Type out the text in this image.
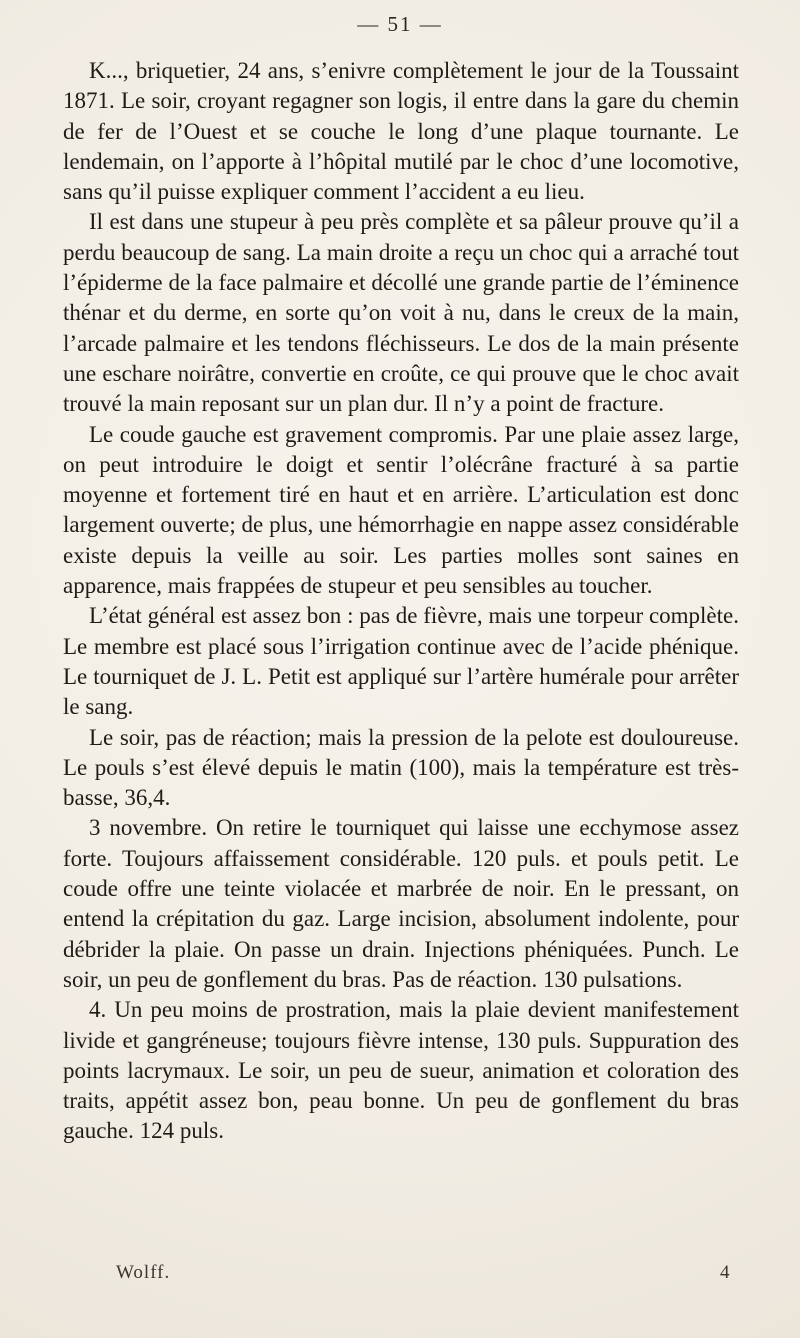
— 51 —

K..., briquetier, 24 ans, s’enivre complètement le jour de la Toussaint 1871. Le soir, croyant regagner son logis, il entre dans la gare du chemin de fer de l’Ouest et se couche le long d’une plaque tournante. Le lendemain, on l’apporte à l’hôpital mutilé par le choc d’une locomotive, sans qu’il puisse expliquer comment l’accident a eu lieu.

Il est dans une stupeur à peu près complète et sa pâleur prouve qu’il a perdu beaucoup de sang. La main droite a reçu un choc qui a arraché tout l’épiderme de la face palmaire et décollé une grande partie de l’éminence thénar et du derme, en sorte qu’on voit à nu, dans le creux de la main, l’arcade palmaire et les tendons fléchisseurs. Le dos de la main présente une eschare noirâtre, convertie en croûte, ce qui prouve que le choc avait trouvé la main reposant sur un plan dur. Il n’y a point de fracture.

Le coude gauche est gravement compromis. Par une plaie assez large, on peut introduire le doigt et sentir l’olécrâne fracturé à sa partie moyenne et fortement tiré en haut et en arrière. L’articulation est donc largement ouverte; de plus, une hémorrhagie en nappe assez considérable existe depuis la veille au soir. Les parties molles sont saines en apparence, mais frappées de stupeur et peu sensibles au toucher.

L’état général est assez bon : pas de fièvre, mais une torpeur complète. Le membre est placé sous l’irrigation continue avec de l’acide phénique. Le tourniquet de J. L. Petit est appliqué sur l’artère humérale pour arrêter le sang.

Le soir, pas de réaction; mais la pression de la pelote est douloureuse. Le pouls s’est élevé depuis le matin (100), mais la température est très-basse, 36,4.

3 novembre. On retire le tourniquet qui laisse une ecchymose assez forte. Toujours affaissement considérable. 120 puls. et pouls petit. Le coude offre une teinte violacée et marbrée de noir. En le pressant, on entend la crépitation du gaz. Large incision, absolument indolente, pour débrider la plaie. On passe un drain. Injections phéniquées. Punch. Le soir, un peu de gonflement du bras. Pas de réaction. 130 pulsations.

4. Un peu moins de prostration, mais la plaie devient manifestement livide et gangréneuse; toujours fièvre intense, 130 puls. Suppuration des points lacrymaux. Le soir, un peu de sueur, animation et coloration des traits, appétit assez bon, peau bonne. Un peu de gonflement du bras gauche. 124 puls.

Wolff.	4
